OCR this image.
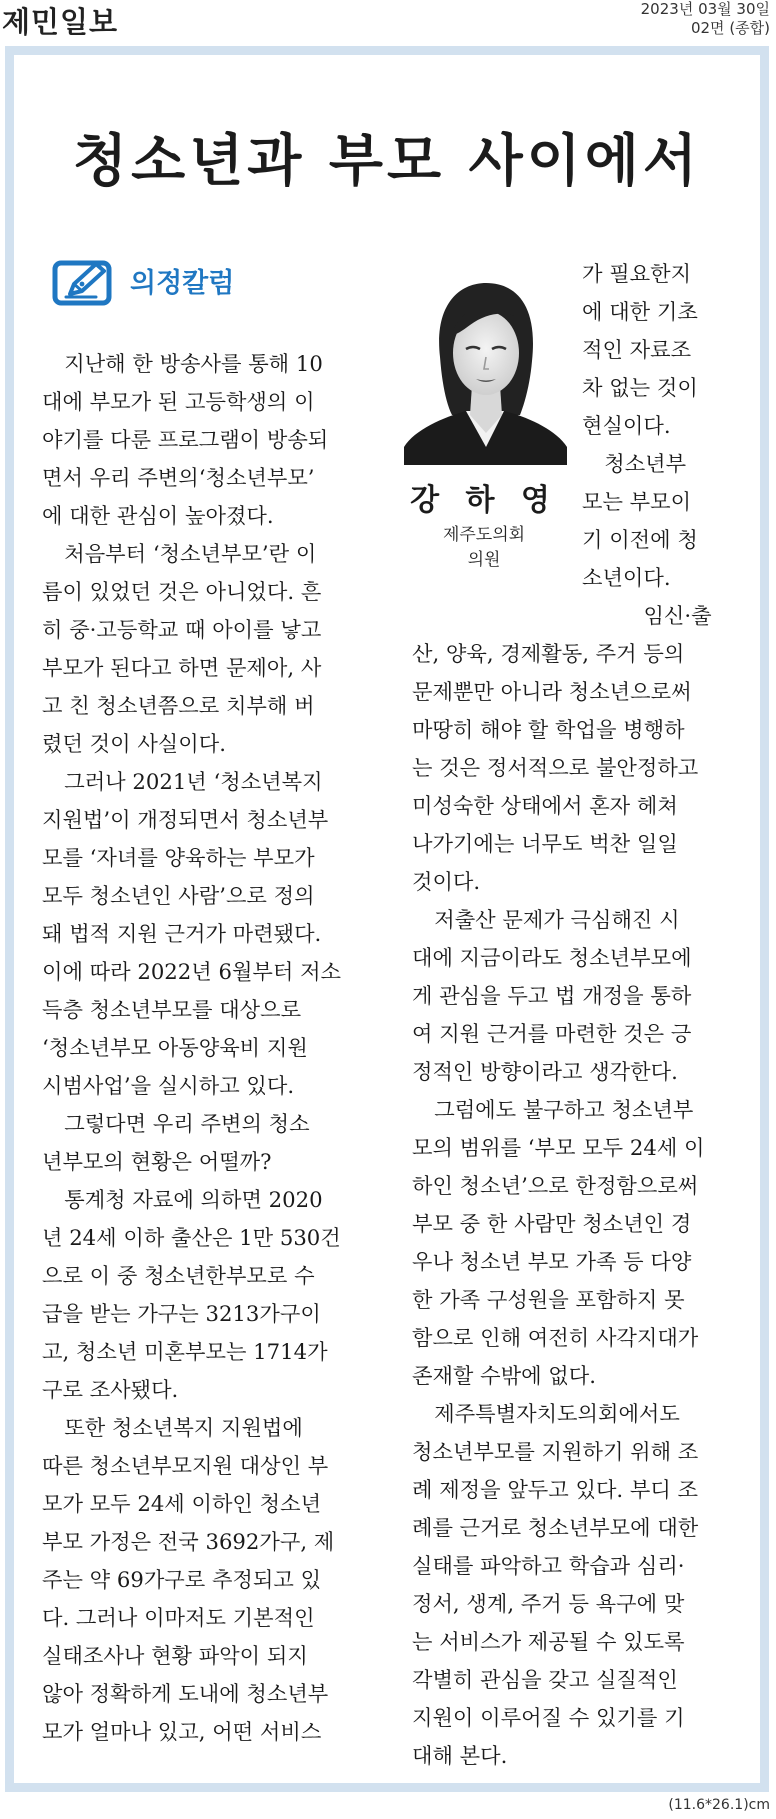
제민일보	2023년 03월 30일
02면 (종합)
청소년과 부모 사이에서
의정칼럼
강 하 영
제주도의회
의원

지난해 한 방송사를 통해 10
대에 부모가 된 고등학생의 이
야기를 다룬 프로그램이 방송되
면서 우리 주변의‘청소년부모’
에 대한 관심이 높아졌다.

처음부터 ‘청소년부모’란 이
름이 있었던 것은 아니었다. 흔
히 중·고등학교 때 아이를 낳고
부모가 된다고 하면 문제아, 사
고 친 청소년쯤으로 치부해 버
렸던 것이 사실이다.

그러나 2021년 ‘청소년복지
지원법’이 개정되면서 청소년부
모를 ‘자녀를 양육하는 부모가
모두 청소년인 사람’으로 정의
돼 법적 지원 근거가 마련됐다.
이에 따라 2022년 6월부터 저소
득층 청소년부모를 대상으로
‘청소년부모 아동양육비 지원
시범사업’을 실시하고 있다.

그렇다면 우리 주변의 청소
년부모의 현황은 어떨까?

통계청 자료에 의하면 2020
년 24세 이하 출산은 1만 530건
으로 이 중 청소년한부모로 수
급을 받는 가구는 3213가구이
고, 청소년 미혼부모는 1714가
구로 조사됐다.

또한 청소년복지 지원법에
따른 청소년부모지원 대상인 부
모가 모두 24세 이하인 청소년
부모 가정은 전국 3692가구, 제
주는 약 69가구로 추정되고 있
다. 그러나 이마저도 기본적인
실태조사나 현황 파악이 되지
않아 정확하게 도내에 청소년부
모가 얼마나 있고, 어떤 서비스

가 필요한지
에 대한 기초
적인 자료조
차 없는 것이
현실이다.

청소년부
모는 부모이
기 이전에 청
소년이다.

임신·출

산, 양육, 경제활동, 주거 등의
문제뿐만 아니라 청소년으로써
마땅히 해야 할 학업을 병행하
는 것은 정서적으로 불안정하고
미성숙한 상태에서 혼자 헤쳐
나가기에는 너무도 벅찬 일일
것이다.

저출산 문제가 극심해진 시
대에 지금이라도 청소년부모에
게 관심을 두고 법 개정을 통하
여 지원 근거를 마련한 것은 긍
정적인 방향이라고 생각한다.

그럼에도 불구하고 청소년부
모의 범위를 ‘부모 모두 24세 이
하인 청소년’으로 한정함으로써
부모 중 한 사람만 청소년인 경
우나 청소년 부모 가족 등 다양
한 가족 구성원을 포함하지 못
함으로 인해 여전히 사각지대가
존재할 수밖에 없다.

제주특별자치도의회에서도
청소년부모를 지원하기 위해 조
례 제정을 앞두고 있다. 부디 조
례를 근거로 청소년부모에 대한
실태를 파악하고 학습과 심리·
정서, 생계, 주거 등 욕구에 맞
는 서비스가 제공될 수 있도록
각별히 관심을 갖고 실질적인
지원이 이루어질 수 있기를 기
대해 본다.

(11.6*26.1)cm
